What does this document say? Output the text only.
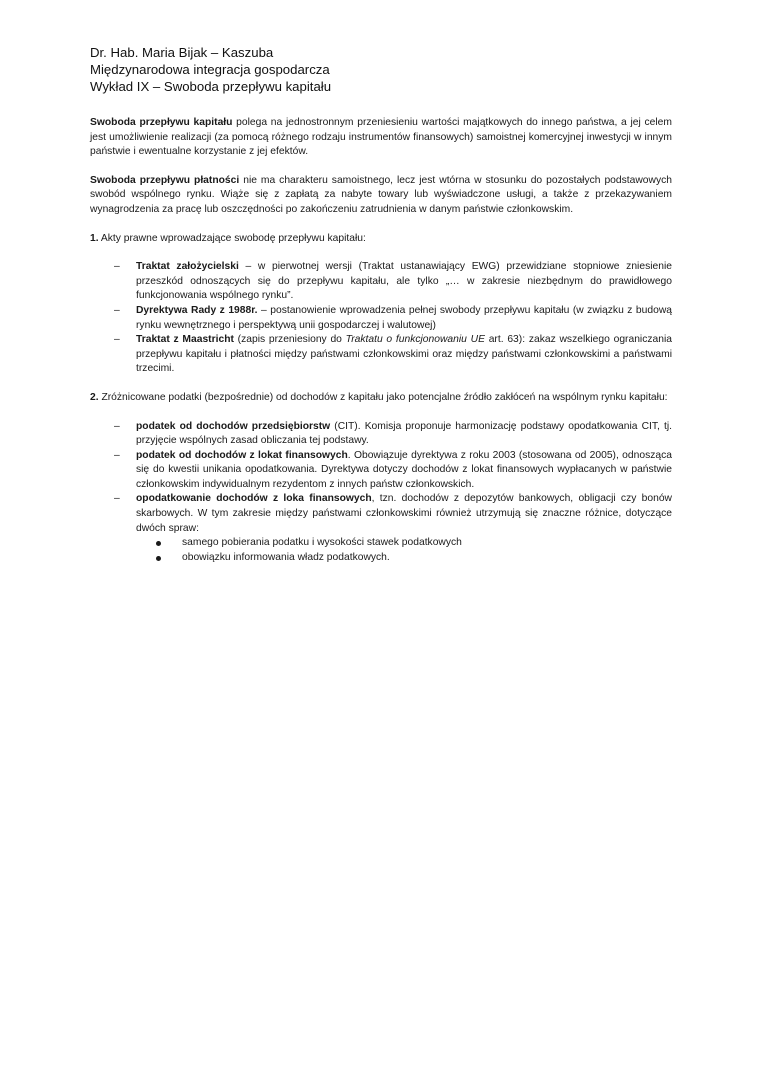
Dr. Hab. Maria Bijak – Kaszuba
Międzynarodowa integracja gospodarcza
Wykład IX – Swoboda przepływu kapitału

Swoboda przepływu kapitału polega na jednostronnym przeniesieniu wartości majątkowych do innego państwa, a jej celem jest umożliwienie realizacji (za pomocą różnego rodzaju instrumentów finansowych) samoistnej komercyjnej inwestycji w innym państwie i ewentualne korzystanie z jej efektów.

Swoboda przepływu płatności nie ma charakteru samoistnego, lecz jest wtórna w stosunku do pozostałych podstawowych swobód wspólnego rynku. Wiąże się z zapłatą za nabyte towary lub wyświadczone usługi, a także z przekazywaniem wynagrodzenia za pracę lub oszczędności po zakończeniu zatrudnienia w danym państwie członkowskim.

1. Akty prawne wprowadzające swobodę przepływu kapitału:

– Traktat założycielski – w pierwotnej wersji (Traktat ustanawiający EWG) przewidziane stopniowe zniesienie przeszkód odnoszących się do przepływu kapitału, ale tylko „… w zakresie niezbędnym do prawidłowego funkcjonowania wspólnego rynku”.
– Dyrektywa Rady z 1988r. – postanowienie wprowadzenia pełnej swobody przepływu kapitału (w związku z budową rynku wewnętrznego i perspektywą unii gospodarczej i walutowej)
– Traktat z Maastricht (zapis przeniesiony do Traktatu o funkcjonowaniu UE art. 63): zakaz wszelkiego ograniczania przepływu kapitału i płatności między państwami członkowskimi oraz między państwami członkowskimi a państwami trzecimi.

2. Zróżnicowane podatki (bezpośrednie) od dochodów z kapitału jako potencjalne źródło zakłóceń na wspólnym rynku kapitału:

– podatek od dochodów przedsiębiorstw (CIT). Komisja proponuje harmonizację podstawy opodatkowania CIT, tj. przyjęcie wspólnych zasad obliczania tej podstawy.
– podatek od dochodów z lokat finansowych. Obowiązuje dyrektywa z roku 2003 (stosowana od 2005), odnosząca się do kwestii unikania opodatkowania. Dyrektywa dotyczy dochodów z lokat finansowych wypłacanych w państwie członkowskim indywidualnym rezydentom z innych państw członkowskich.
– opodatkowanie dochodów z loka finansowych, tzn. dochodów z depozytów bankowych, obligacji czy bonów skarbowych. W tym zakresie między państwami członkowskimi również utrzymują się znaczne różnice, dotyczące dwóch spraw:
samego pobierania podatku i wysokości stawek podatkowych
obowiązku informowania władz podatkowych.
